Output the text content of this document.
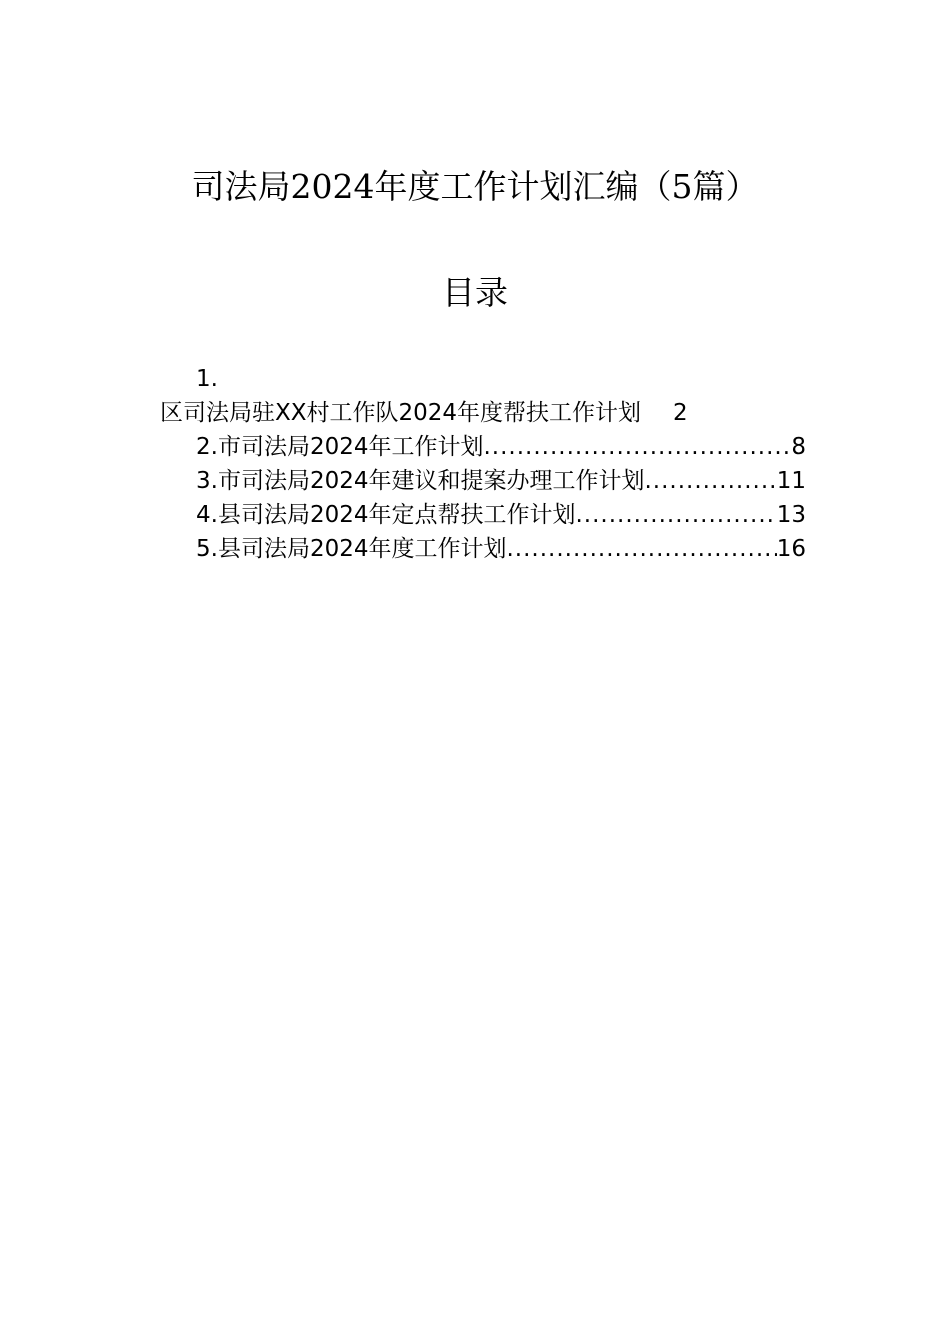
司法局2024年度工作计划汇编（5篇）
目录
1.
区司法局驻XX村工作队2024年度帮扶工作计划 2
2. 市司法局2024年工作计划 .....	8
3. 市司法局2024年建议和提案办理工作计划 .....	11
4. 县司法局2024年定点帮扶工作计划 .....	13
5. 县司法局2024年度工作计划 .....	16
